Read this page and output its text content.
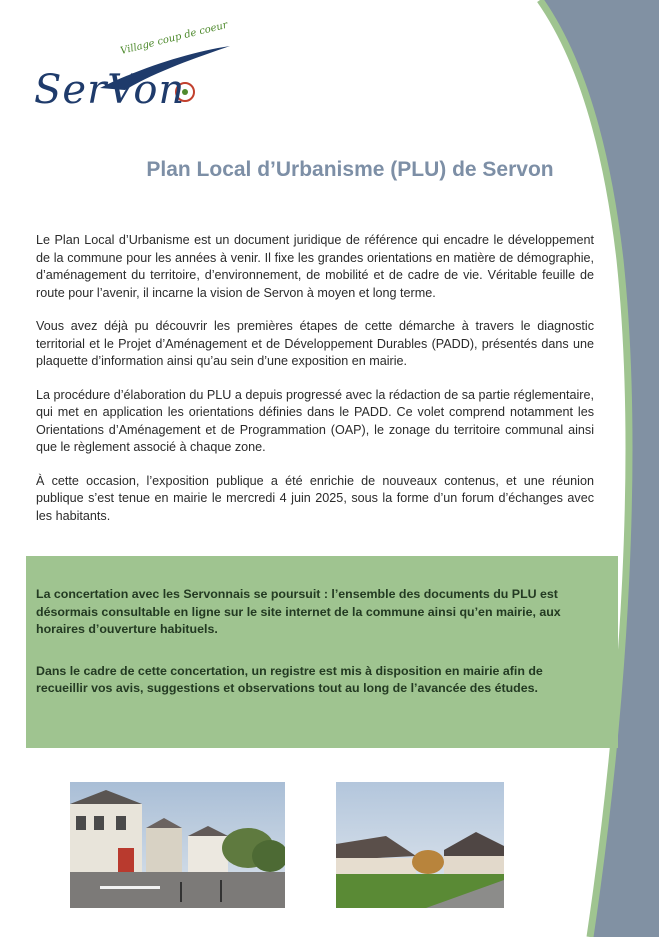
Village coup de coeur
SerVon
Plan Local d’Urbanisme (PLU) de Servon

Le Plan Local d’Urbanisme est un document juridique de référence qui encadre le développement de la commune pour les années à venir. Il fixe les grandes orientations en matière de démographie, d’aménagement du territoire, d’environnement, de mobilité et de cadre de vie. Véritable feuille de route pour l’avenir, il incarne la vision de Servon à moyen et long terme.

Vous avez déjà pu découvrir les premières étapes de cette démarche à travers le diagnostic territorial et le Projet d’Aménagement et de Développement Durables (PADD), présentés dans une plaquette d’information ainsi qu’au sein d’une exposition en mairie.

La procédure d’élaboration du PLU a depuis progressé avec la rédaction de sa partie réglementaire, qui met en application les orientations définies dans le PADD. Ce volet comprend notamment les Orientations d’Aménagement et de Programmation (OAP), le zonage du territoire communal ainsi que le règlement associé à chaque zone.

À cette occasion, l’exposition publique a été enrichie de nouveaux contenus, et une réunion publique s’est tenue en mairie le mercredi 4 juin 2025, sous la forme d’un forum d’échanges avec les habitants.

La concertation avec les Servonnais se poursuit : l’ensemble des documents du PLU est désormais consultable en ligne sur le site internet de la commune ainsi qu’en mairie, aux horaires d’ouverture habituels.

Dans le cadre de cette concertation, un registre est mis à disposition en mairie afin de recueillir vos avis, suggestions et observations tout au long de l’avancée des études.
